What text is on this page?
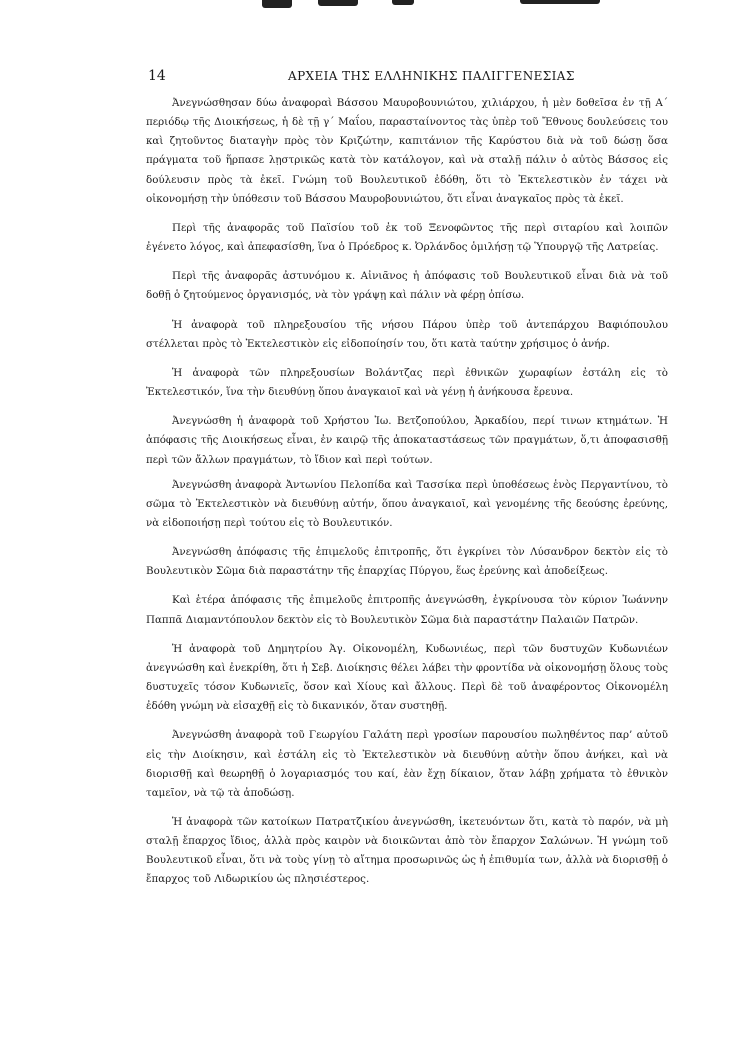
14	ΑΡΧΕΙΑ ΤΗΣ ΕΛΛΗΝΙΚΗΣ ΠΑΛΙΓΓΕΝΕΣΙΑΣ

Ἀνεγνώσθησαν δύω ἀναφοραὶ Βάσσου Μαυροβουνιώτου, χιλιάρχου, ἡ μὲν δοθεῖσα ἐν τῇ Α΄ περιόδῳ τῆς Διοικήσεως, ἡ δὲ τῇ γ΄ Μαΐου, παρασταίνοντος τὰς ὑπὲρ τοῦ Ἔθνους δουλεύσεις του καὶ ζητοῦντος διαταγὴν πρὸς τὸν Κριζώτην, καπιτάνιον τῆς Καρύστου διὰ νὰ τοῦ δώσῃ ὅσα πράγματα τοῦ ἥρπασε λῃστρικῶς κατὰ τὸν κατάλογον, καὶ νὰ σταλῇ πάλιν ὁ αὐτὸς Βάσσος εἰς δούλευσιν πρὸς τὰ ἐκεῖ. Γνώμη τοῦ Βουλευτικοῦ ἐδόθη, ὅτι τὸ Ἐκτελεστικὸν ἐν τάχει νὰ οἰκονομήσῃ τὴν ὑπόθεσιν τοῦ Βάσσου Μαυροβουνιώτου, ὅτι εἶναι ἀναγκαῖος πρὸς τὰ ἐκεῖ.

Περὶ τῆς ἀναφορᾶς τοῦ Παϊσίου τοῦ ἐκ τοῦ Ξενοφῶντος τῆς περὶ σιταρίου καὶ λοιπῶν ἐγένετο λόγος, καὶ ἀπεφασίσθη, ἵνα ὁ Πρόεδρος κ. Ὀρλάνδος ὁμιλήσῃ τῷ Ὑπουργῷ τῆς Λατρείας.

Περὶ τῆς ἀναφορᾶς ἀστυνόμου κ. Αἰνιᾶνος ἡ ἀπόφασις τοῦ Βουλευτικοῦ εἶναι διὰ νὰ τοῦ δοθῇ ὁ ζητούμενος ὀργανισμός, νὰ τὸν γράψῃ καὶ πάλιν νὰ φέρῃ ὀπίσω.

Ἡ ἀναφορὰ τοῦ πληρεξουσίου τῆς νήσου Πάρου ὑπὲρ τοῦ ἀντεπάρχου Βαφιόπουλου στέλλεται πρὸς τὸ Ἐκτελεστικὸν εἰς εἰδοποίησίν του, ὅτι κατὰ ταύτην χρήσιμος ὁ ἀνήρ.

Ἡ ἀναφορὰ τῶν πληρεξουσίων Βολάντζας περὶ ἐθνικῶν χωραφίων ἐστάλη εἰς τὸ Ἐκτελεστικόν, ἵνα τὴν διευθύνῃ ὅπου ἀναγκαιοῖ καὶ νὰ γένῃ ἡ ἀνήκουσα ἔρευνα.

Ἀνεγνώσθη ἡ ἀναφορὰ τοῦ Χρήστου Ἰω. Βετζοπούλου, Ἀρκαδίου, περί τινων κτημάτων. Ἡ ἀπόφασις τῆς Διοικήσεως εἶναι, ἐν καιρῷ τῆς ἀποκαταστάσεως τῶν πραγμάτων, ὅ,τι ἀποφασισθῇ περὶ τῶν ἄλλων πραγμάτων, τὸ ἴδιον καὶ περὶ τούτων.

Ἀνεγνώσθη ἀναφορὰ Ἀντωνίου Πελοπίδα καὶ Τασσίκα περὶ ὑποθέσεως ἑνὸς Περγαντίνου, τὸ σῶμα τὸ Ἐκτελεστικὸν νὰ διευθύνῃ αὐτήν, ὅπου ἀναγκαιοῖ, καὶ γενομένης τῆς δεούσης ἐρεύνης, νὰ εἰδοποιήσῃ περὶ τούτου εἰς τὸ Βουλευτικόν.

Ἀνεγνώσθη ἀπόφασις τῆς ἐπιμελοῦς ἐπιτροπῆς, ὅτι ἐγκρίνει τὸν Λύσανδρον δεκτὸν εἰς τὸ Βουλευτικὸν Σῶμα διὰ παραστάτην τῆς ἐπαρχίας Πύργου, ἕως ἐρεύνης καὶ ἀποδείξεως.

Καὶ ἑτέρα ἀπόφασις τῆς ἐπιμελοῦς ἐπιτροπῆς ἀνεγνώσθη, ἐγκρίνουσα τὸν κύριον Ἰωάννην Παππᾶ Διαμαντόπουλον δεκτὸν εἰς τὸ Βουλευτικὸν Σῶμα διὰ παραστάτην Παλαιῶν Πατρῶν.

Ἡ ἀναφορὰ τοῦ Δημητρίου Ἀγ. Οἰκονομέλη, Κυδωνιέως, περὶ τῶν δυστυχῶν Κυδωνιέων ἀνεγνώσθη καὶ ἐνεκρίθη, ὅτι ἡ Σεβ. Διοίκησις θέλει λάβει τὴν φροντίδα νὰ οἰκονομήσῃ ὅλους τοὺς δυστυχεῖς τόσον Κυδωνιεῖς, ὅσον καὶ Χίους καὶ ἄλλους. Περὶ δὲ τοῦ ἀναφέροντος Οἰκονομέλη ἐδόθη γνώμη νὰ εἰσαχθῇ εἰς τὸ δικανικόν, ὅταν συστηθῇ.

Ἀνεγνώσθη ἀναφορὰ τοῦ Γεωργίου Γαλάτη περὶ γροσίων παρουσίου πωληθέντος παρ’ αὐτοῦ εἰς τὴν Διοίκησιν, καὶ ἐστάλη εἰς τὸ Ἐκτελεστικὸν νὰ διευθύνῃ αὐτὴν ὅπου ἀνήκει, καὶ νὰ διορισθῇ καὶ θεωρηθῇ ὁ λογαριασμός του καί, ἐὰν ἔχῃ δίκαιον, ὅταν λάβῃ χρήματα τὸ ἐθνικὸν ταμεῖον, νὰ τῷ τὰ ἀποδώσῃ.

Ἡ ἀναφορὰ τῶν κατοίκων Πατρατζικίου ἀνεγνώσθη, ἱκετευόντων ὅτι, κατὰ τὸ παρόν, νὰ μὴ σταλῇ ἔπαρχος ἴδιος, ἀλλὰ πρὸς καιρὸν νὰ διοικῶνται ἀπὸ τὸν ἔπαρχον Σαλώνων. Ἡ γνώμη τοῦ Βουλευτικοῦ εἶναι, ὅτι νὰ τοὺς γίνῃ τὸ αἴτημα προσωρινῶς ὡς ἡ ἐπιθυμία των, ἀλλὰ νὰ διορισθῇ ὁ ἔπαρχος τοῦ Λιδωρικίου ὡς πλησιέστερος.
